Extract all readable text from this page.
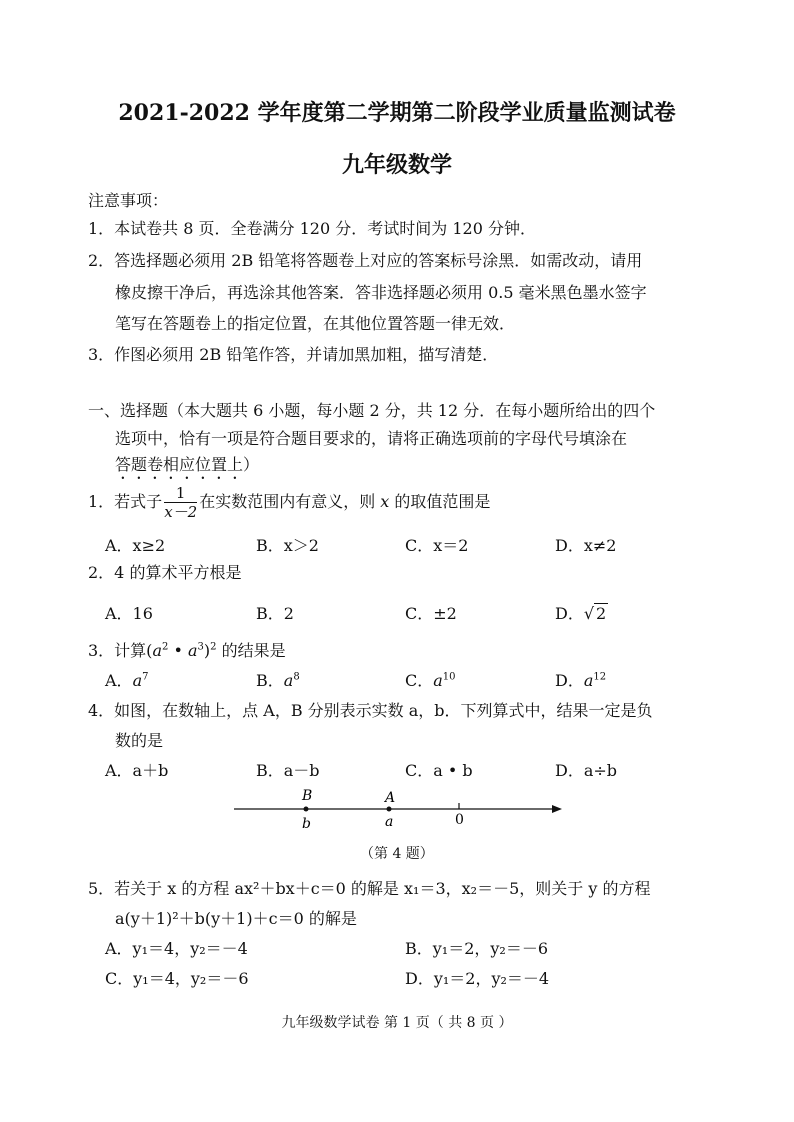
2021-2022 学年度第二学期第二阶段学业质量监测试卷
九年级数学
注意事项：
1．本试卷共 8 页．全卷满分 120 分．考试时间为 120 分钟．
2．答选择题必须用 2B 铅笔将答题卷上对应的答案标号涂黑．如需改动，请用
橡皮擦干净后，再选涂其他答案．答非选择题必须用 0.5 毫米黑色墨水签字
笔写在答题卷上的指定位置，在其他位置答题一律无效．
3．作图必须用 2B 铅笔作答，并请加黑加粗，描写清楚．
一、选择题（本大题共 6 小题，每小题 2 分，共 12 分．在每小题所给出的四个
选项中，恰有一项是符合题目要求的，请将正确选项前的字母代号填涂在
答题卷相应位置上）
1．若式子 $\frac{1}{x-2}$ 在实数范围内有意义，则 x 的取值范围是
A．x≥2	B．x＞2	C．x＝2	D．x≠2
2．4 的算术平方根是
A．16	B．2	C．±2	D．√ 2
3．计算($a^2$ • $a^3)^2$ 的结果是
A．$a^7$	B．$a^8$	C．$a^{10}$	D．$a^{12}$
4．如图，在数轴上，点 A，B 分别表示实数 a，b．下列算式中，结果一定是负
数的是
A．a＋b	B．a－b	C．a • b	D．a÷b
B	A
b	a	0
（第 4 题）
5．若关于 x 的方程 ax²＋bx＋c＝0 的解是 x₁＝3，x₂＝－5，则关于 y 的方程
a(y＋1)²＋b(y＋1)＋c＝0 的解是
A．y₁＝4，y₂＝－4	B．y₁＝2，y₂＝－6
C．y₁＝4，y₂＝－6	D．y₁＝2，y₂＝－4
九年级数学试卷 第 1 页（ 共 8 页 ）
